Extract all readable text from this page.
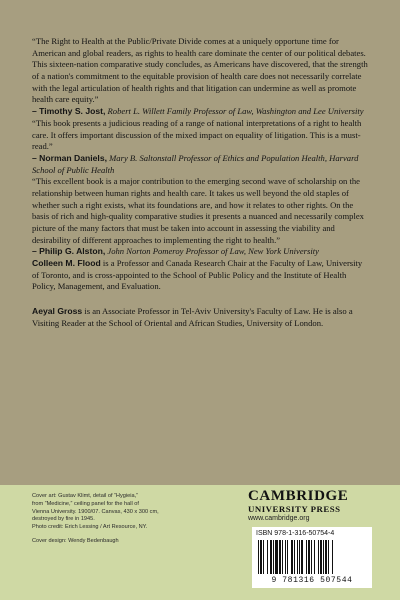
“The Right to Health at the Public/Private Divide comes at a uniquely opportune time for American and global readers, as rights to health care dominate the center of our political debates. This sixteen-nation comparative study concludes, as Americans have discovered, that the strength of a nation's commitment to the equitable provision of health care does not necessarily correlate with the legal articulation of health rights and that litigation can undermine as well as promote health care equity.”

– Timothy S. Jost, Robert L. Willett Family Professor of Law, Washington and Lee University

“This book presents a judicious reading of a range of national interpretations of a right to health care. It offers important discussion of the mixed impact on equality of litigation. This is a must-read.”

– Norman Daniels, Mary B. Saltonstall Professor of Ethics and Population Health, Harvard School of Public Health

“This excellent book is a major contribution to the emerging second wave of scholarship on the relationship between human rights and health care. It takes us well beyond the old staples of whether such a right exists, what its foundations are, and how it relates to other rights. On the basis of rich and high-quality comparative studies it presents a nuanced and necessarily complex picture of the many factors that must be taken into account in assessing the viability and desirability of different approaches to implementing the right to health.”

– Philip G. Alston, John Norton Pomeroy Professor of Law, New York University

Colleen M. Flood is a Professor and Canada Research Chair at the Faculty of Law, University of Toronto, and is cross-appointed to the School of Public Policy and the Institute of Health Policy, Management, and Evaluation.

Aeyal Gross is an Associate Professor in Tel-Aviv University's Faculty of Law. He is also a Visiting Reader at the School of Oriental and African Studies, University of London.

Cover art: Gustav Klimt, detail of “Hygieia,”
from “Medicine,” ceiling panel for the hall of
Vienna University. 1900/07. Canvas, 430 x 300 cm,
destroyed by fire in 1945.
Photo credit: Erich Lessing / Art Resource, NY.
Cover design: Wendy Bedenbaugh
CAMBRIDGE
UNIVERSITY PRESS
www.cambridge.org
ISBN 978-1-316-50754-4
9 781316 507544
